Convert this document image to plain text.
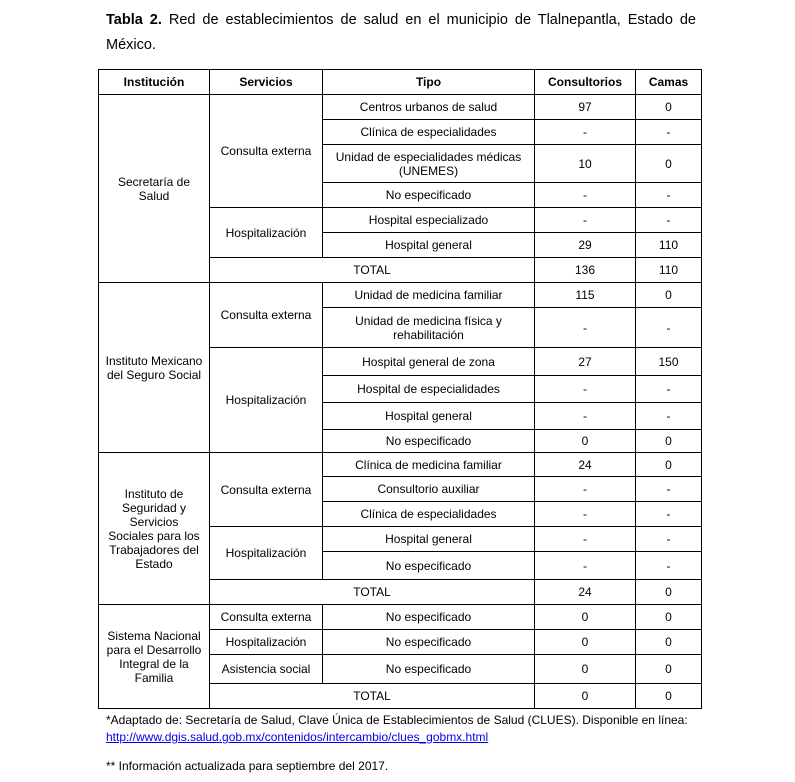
Tabla 2. Red de establecimientos de salud en el municipio de Tlalnepantla, Estado de México.
Institución	Servicios	Tipo	Consultorios	Camas
Secretaría de Salud	Consulta externa	Centros urbanos de salud	97	0
		Clínica de especialidades	-	-
		Unidad de especialidades médicas (UNEMES)	10	0
		No especificado	-	-
	Hospitalización	Hospital especializado	-	-
		Hospital general	29	110
	TOTAL		136	110
Instituto Mexicano del Seguro Social	Consulta externa	Unidad de medicina familiar	115	0
		Unidad de medicina física y rehabilitación	-	-
	Hospitalización	Hospital general de zona	27	150
		Hospital de especialidades	-	-
		Hospital general	-	-
		No especificado	0	0
Instituto de Seguridad y Servicios Sociales para los Trabajadores del Estado	Consulta externa	Clínica de medicina familiar	24	0
		Consultorio auxiliar	-	-
		Clínica de especialidades	-	-
	Hospitalización	Hospital general	-	-
		No especificado	-	-
	TOTAL		24	0
Sistema Nacional para el Desarrollo Integral de la Familia	Consulta externa	No especificado	0	0
	Hospitalización	No especificado	0	0
	Asistencia social	No especificado	0	0
	TOTAL		0	0
*Adaptado de: Secretaría de Salud, Clave Única de Establecimientos de Salud (CLUES). Disponible en línea:
http://www.dgis.salud.gob.mx/contenidos/intercambio/clues_gobmx.html
** Información actualizada para septiembre del 2017.
